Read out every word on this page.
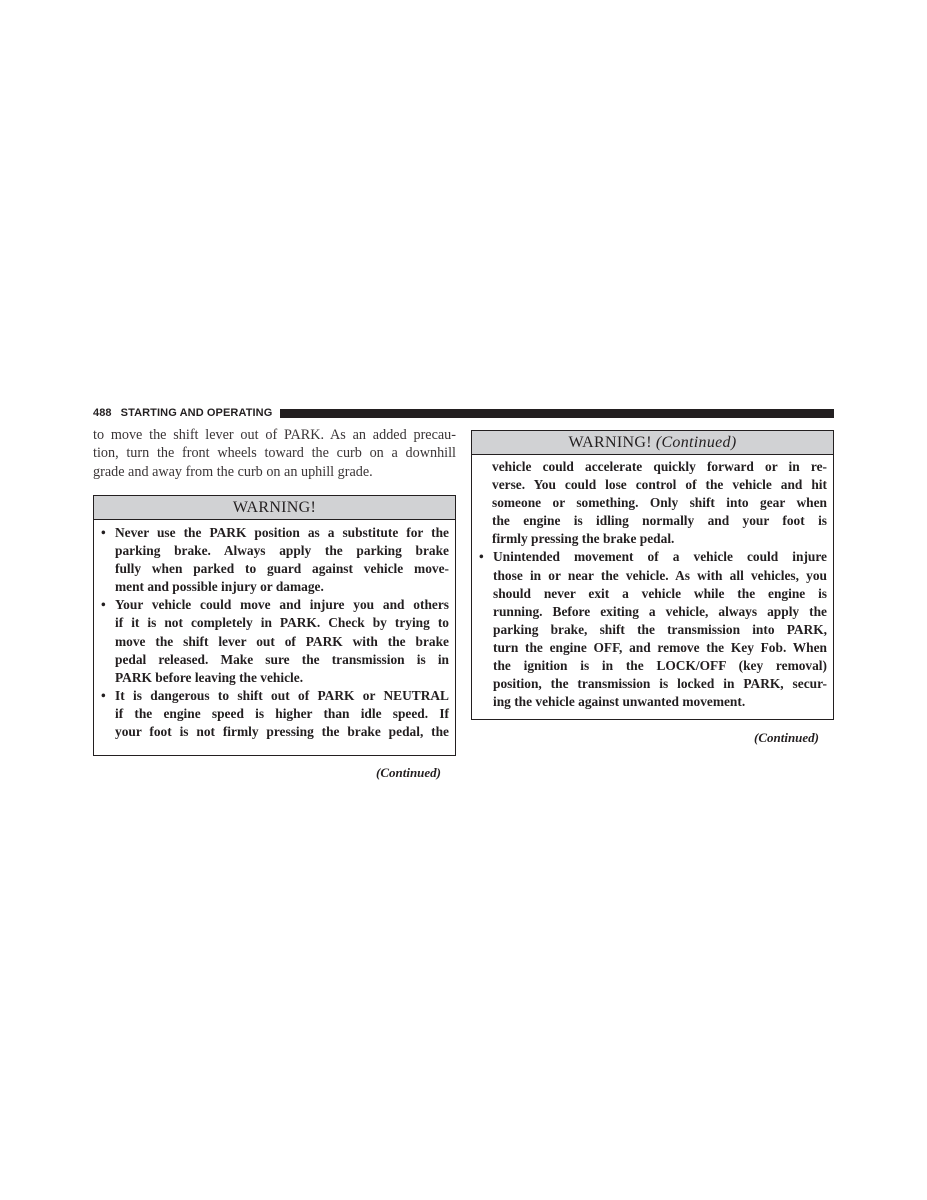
488 STARTING AND OPERATING
to move the shift lever out of PARK. As an added precau-
tion, turn the front wheels toward the curb on a downhill
grade and away from the curb on an uphill grade.
WARNING!
• Never use the PARK position as a substitute for the
parking brake. Always apply the parking brake
fully when parked to guard against vehicle move-
ment and possible injury or damage.
• Your vehicle could move and injure you and others
if it is not completely in PARK. Check by trying to
move the shift lever out of PARK with the brake
pedal released. Make sure the transmission is in
PARK before leaving the vehicle.
• It is dangerous to shift out of PARK or NEUTRAL
if the engine speed is higher than idle speed. If
your foot is not firmly pressing the brake pedal, the
(Continued)
WARNING! (Continued)
vehicle could accelerate quickly forward or in re-
verse. You could lose control of the vehicle and hit
someone or something. Only shift into gear when
the engine is idling normally and your foot is
firmly pressing the brake pedal.
• Unintended movement of a vehicle could injure
those in or near the vehicle. As with all vehicles, you
should never exit a vehicle while the engine is
running. Before exiting a vehicle, always apply the
parking brake, shift the transmission into PARK,
turn the engine OFF, and remove the Key Fob. When
the ignition is in the LOCK/OFF (key removal)
position, the transmission is locked in PARK, secur-
ing the vehicle against unwanted movement.
(Continued)
